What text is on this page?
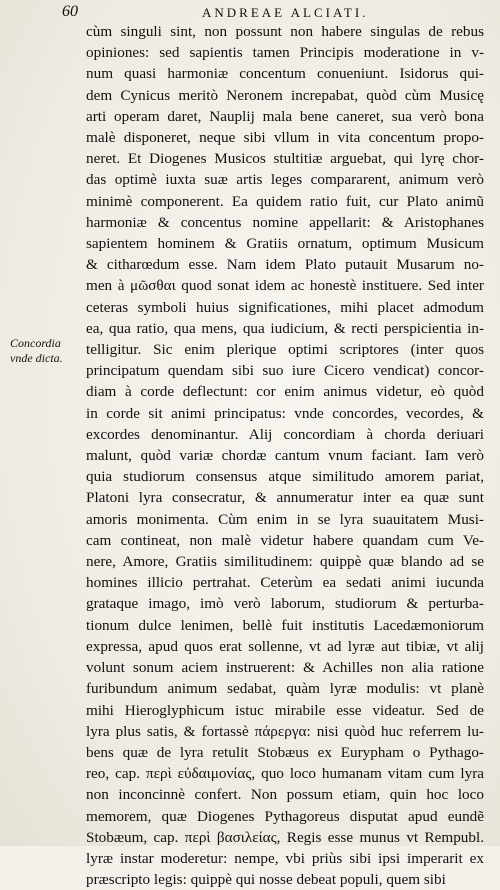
60	ANDREAE ALCIATI.
Concordia
vnde dicta.
cùm singuli sint, non possunt non habere singulas de rebus
opiniones: sed sapientis tamen Principis moderatione in v-
num quasi harmoniæ concentum conueniunt. Isidorus qui-
dem Cynicus meritò Neronem increpabat, quòd cùm Musicę
arti operam daret, Nauplij mala bene caneret, sua verò bona
malè disponeret, neque sibi vllum in vita concentum propo-
neret. Et Diogenes Musicos stultitiæ arguebat, qui lyrę chor-
das optimè iuxta suæ artis leges compararent, animum verò
minimè componerent. Ea quidem ratio fuit, cur Plato animũ
harmoniæ & concentus nomine appellarit: & Aristophanes
sapientem hominem & Gratiis ornatum, optimum Musicum
& citharœdum esse. Nam idem Plato putauit Musarum no-
men à μῶσθαι quod sonat idem ac honestè instituere. Sed inter
ceteras symboli huius significationes, mihi placet admodum
ea, qua ratio, qua mens, qua iudicium, & recti perspicientia in-
telligitur. Sic enim plerique optimi scriptores (inter quos
principatum quendam sibi suo iure Cicero vendicat) concor-
diam à corde deflectunt: cor enim animus videtur, eò quòd
in corde sit animi principatus: vnde concordes, vecordes, &
excordes denominantur. Alij concordiam à chorda deriuari
malunt, quòd variæ chordæ cantum vnum faciant. Iam verò
quia studiorum consensus atque similitudo amorem pariat,
Platoni lyra consecratur, & annumeratur inter ea quæ sunt
amoris monimenta. Cùm enim in se lyra suauitatem Musi-
cam contineat, non malè videtur habere quandam cum Ve-
nere, Amore, Gratiis similitudinem: quippè quæ blando ad se
homines illicio pertrahat. Ceterùm ea sedati animi iucunda
grataque imago, imò verò laborum, studiorum & perturba-
tionum dulce lenimen, bellè fuit institutis Lacedæmoniorum
expressa, apud quos erat sollenne, vt ad lyræ aut tibiæ, vt alij
volunt sonum aciem instruerent: & Achilles non alia ratione
furibundum animum sedabat, quàm lyræ modulis: vt planè
mihi Hieroglyphicum istuc mirabile esse videatur. Sed de
lyra plus satis, & fortassè πάρεργα: nisi quòd huc referrem lu-
bens quæ de lyra retulit Stobæus ex Eurypham o Pythago-
reo, cap. περὶ εὐδαιμονίας, quo loco humanam vitam cum lyra
non inconcinnè confert. Non possum etiam, quin hoc loco
memorem, quæ Diogenes Pythagoreus disputat apud eundẽ
Stobæum, cap. περὶ βασιλείας, Regis esse munus vt Rempubl.
lyræ instar moderetur: nempe, vbi priùs sibi ipsi imperarit ex
præscripto legis: quippè qui nosse debeat populi, quem sibi
